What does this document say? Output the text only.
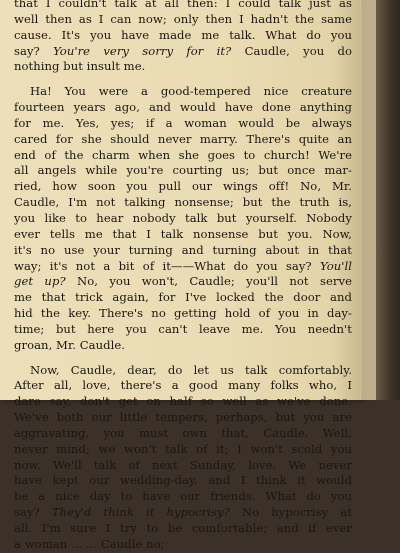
that I couldn't talk at all then: I could talk just as
well then as I can now; only then I hadn't the same
cause. It's you have made me talk. What do you
say? You're very sorry for it? Caudle, you do
nothing but insult me.
Ha! You were a good-tempered nice creature
fourteen years ago, and would have done anything
for me. Yes, yes; if a woman would be always
cared for she should never marry. There's quite an
end of the charm when she goes to church! We're
all angels while you're courting us; but once mar-
ried, how soon you pull our wings off! No, Mr.
Caudle, I'm not talking nonsense; but the truth is,
you like to hear nobody talk but yourself. Nobody
ever tells me that I talk nonsense but you. Now,
it's no use your turning and turning about in that
way; it's not a bit of it——What do you say? You'll
get up? No, you won't, Caudle; you'll not serve
me that trick again, for I've locked the door and
hid the key. There's no getting hold of you in day-
time; but here you can't leave me. You needn't
groan, Mr. Caudle.
Now, Caudle, dear, do let us talk comfortably.
After all, love, there's a good many folks who, I
dare say, don't get on half so well as we've done.
We've both our little tempers, perhaps, but you are
aggravating, you must own that, Caudle. Well,
never mind; we won't talk of it; I won't scold you
now. We'll talk of next Sunday, love. We never
have kept our wedding-day, and I think it would
be a nice day to have our friends. What do you
say? They'd think it hypocrisy? No hypocrisy at
all. I'm sure I try to be comfortable; and if ever
a woman ... ... Caudle no;
